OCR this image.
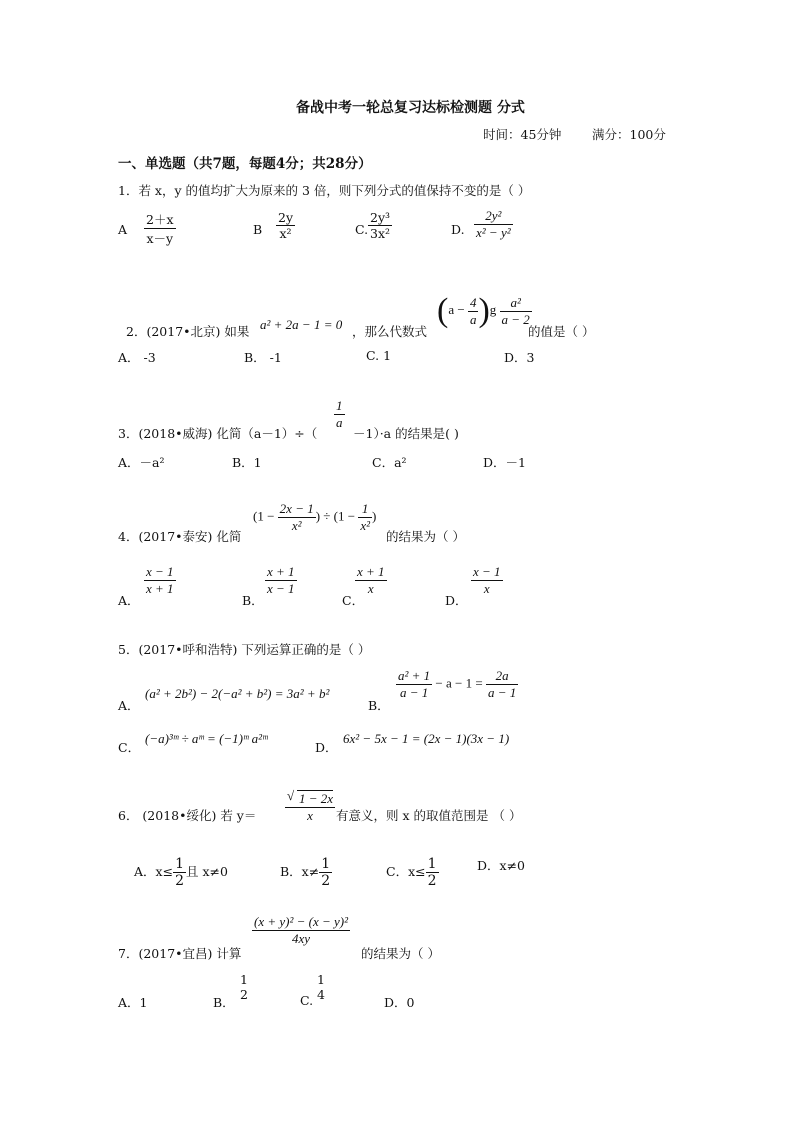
备战中考一轮总复习达标检测题 分式
时间：45分钟 满分：100分
一、单选题（共7题，每题4分；共28分）
1．若 x，y 的值均扩大为原来的 3 倍，则下列分式的值保持不变的是（ ）
A $\frac{2+x}{x-y}$	B $\frac{2y}{\text{x²}}$	C. $\frac{\text{2y³}}{\text{3x²}}$	D. $\frac{\text{2y²}}{\text{x² − y²}}$
2．(2017•北京) 如果 a² + 2a − 1 = 0 ，那么代数式
$(a - \frac{4}{a} )g \frac{\text{a²}}{a - 2}$
的值是（ ）
A． -3	B． -1	C. 1	D．3
3．(2018•威海) 化简（a－1）÷（
$\frac{1}{a}$
－1）·a 的结果是( )
A．－a²	B．1	C．a²	D．－1
4．(2017•泰安) 化简
($1 - \frac{2x - 1}{\text{x²}}$ ) ÷ ($1 - \frac{1}{\text{x²}}$ )
的结果为（ ）
A．
$\frac{x - 1}{x + 1}$
B．
$\frac{x + 1}{x - 1}$
C．
$\frac{x + 1}{x}$
D．
$\frac{x - 1}{x}$
5．(2017•呼和浩特) 下列运算正确的是（ ）
A．
(a² + 2b²) − 2(−a² + b²) = 3a² + b²
B．
$\frac{\text{a² + 1}}{a - 1} - a - 1 = \frac{2a}{a - 1}$
C．
(−a)³ᵐ ÷ aᵐ = (−1)ᵐ a²ᵐ
D．
6x² − 5x − 1 = (2x − 1)(3x − 1)
6． (2018•绥化) 若 y＝
√ $\frac{1 - 2x}{x}$ 有意义，则 x 的取值范围是 （ ）
A．$x\le \frac{1}{2}$ 且 x≠0	B．$x\ne \frac{1}{2}$	C．$x\le \frac{1}{2}$	D．x≠0
7．(2017•宜昌) 计算
$\frac{\text{(x + y)² − (x − y)²}}{4xy}$
的结果为（ ）
A．1	B．
1
2	C.
1
4
D．0
